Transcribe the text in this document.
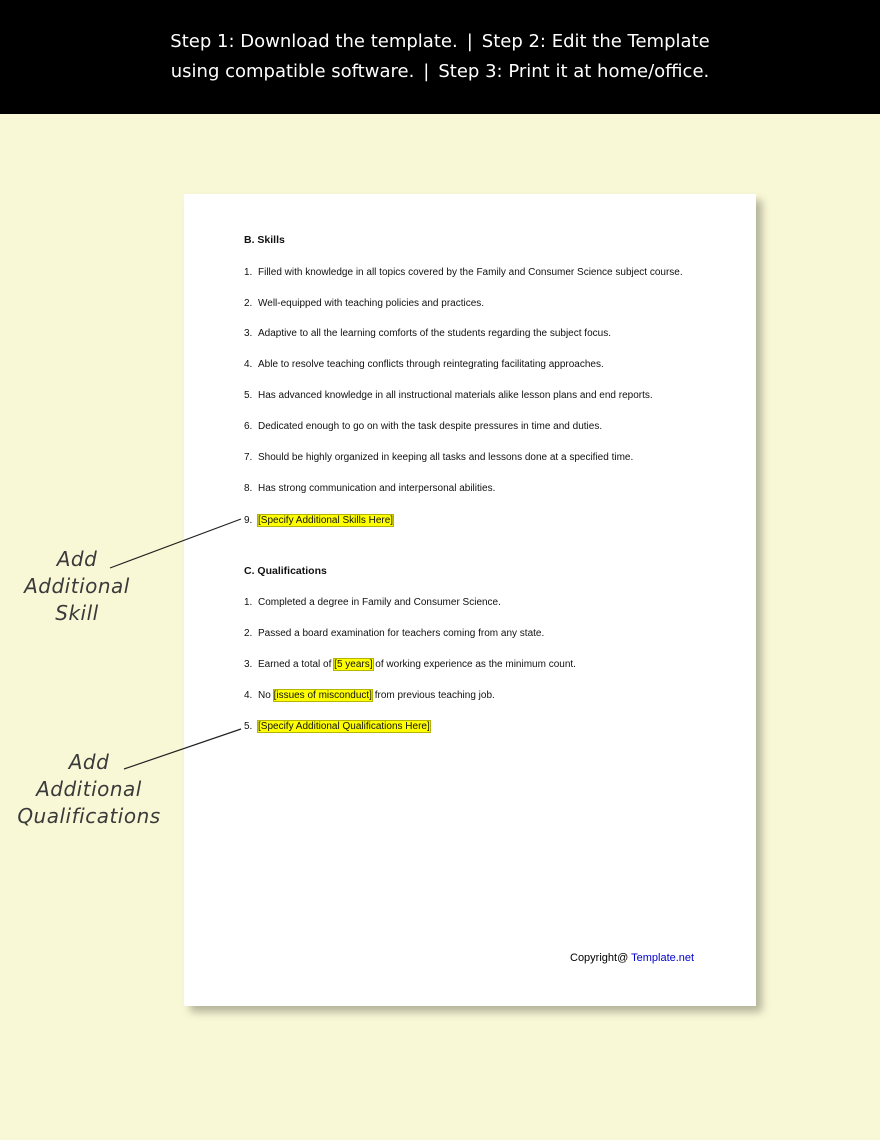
Step 1: Download the template. | Step 2: Edit the Template
using compatible software. | Step 3: Print it at home/office.
B. Skills
1. Filled with knowledge in all topics covered by the Family and Consumer Science subject course.
2. Well-equipped with teaching policies and practices.
3. Adaptive to all the learning comforts of the students regarding the subject focus.
4. Able to resolve teaching conflicts through reintegrating facilitating approaches.
5. Has advanced knowledge in all instructional materials alike lesson plans and end reports.
6. Dedicated enough to go on with the task despite pressures in time and duties.
7. Should be highly organized in keeping all tasks and lessons done at a specified time.
8. Has strong communication and interpersonal abilities.
9. [Specify Additional Skills Here]
C. Qualifications
1. Completed a degree in Family and Consumer Science.
2. Passed a board examination for teachers coming from any state.
3. Earned a total of [5 years] of working experience as the minimum count.
4. No [issues of misconduct] from previous teaching job.
5. [Specify Additional Qualifications Here]
Copyright@ Template.net
Add
Additional
Skill
Add
Additional
Qualifications
